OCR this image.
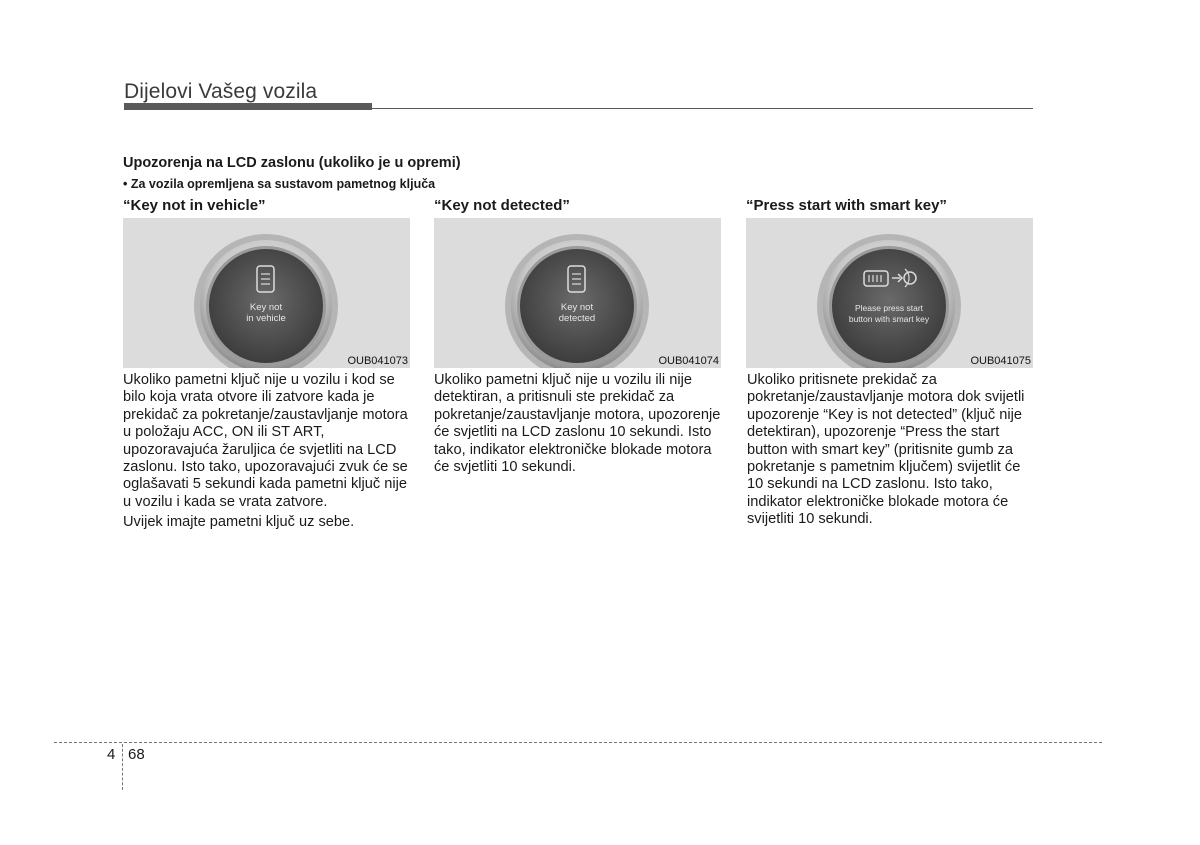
Dijelovi Vašeg vozila
Upozorenja na LCD zaslonu (ukoliko je u opremi)
• Za vozila opremljena sa sustavom pametnog ključa
“Key not in vehicle”
Key not
in vehicle
OUB041073

Ukoliko pametni ključ nije u vozilu i kod se bilo koja vrata otvore ili zatvore kada je prekidač za pokretanje/zaustavljanje motora u položaju ACC, ON ili ST ART, upozoravajuća žaruljica će svjetliti na LCD zaslonu. Isto tako, upozoravajući zvuk će se oglašavati 5 sekundi kada pametni ključ nije u vozilu i kada se vrata zatvore.

Uvijek imajte pametni ključ uz sebe.

“Key not detected”
Key not
detected
OUB041074

Ukoliko pametni ključ nije u vozilu ili nije detektiran, a pritisnuli ste prekidač za pokretanje/zaustavljanje motora, upozorenje će svjetliti na LCD zaslonu 10 sekundi. Isto tako, indikator elektroničke blokade motora će svjetliti 10 sekundi.

“Press start with smart key”
Please press start
button with smart key
OUB041075

Ukoliko pritisnete prekidač za pokretanje/zaustavljanje motora dok svijetli upozorenje “Key is not detected” (ključ nije detektiran), upozorenje “Press the start button with smart key” (pritisnite gumb za pokretanje s pametnim ključem) svijetlit će 10 sekundi na LCD zaslonu. Isto tako, indikator elektroničke blokade motora će svijetliti 10 sekundi.

4 68
